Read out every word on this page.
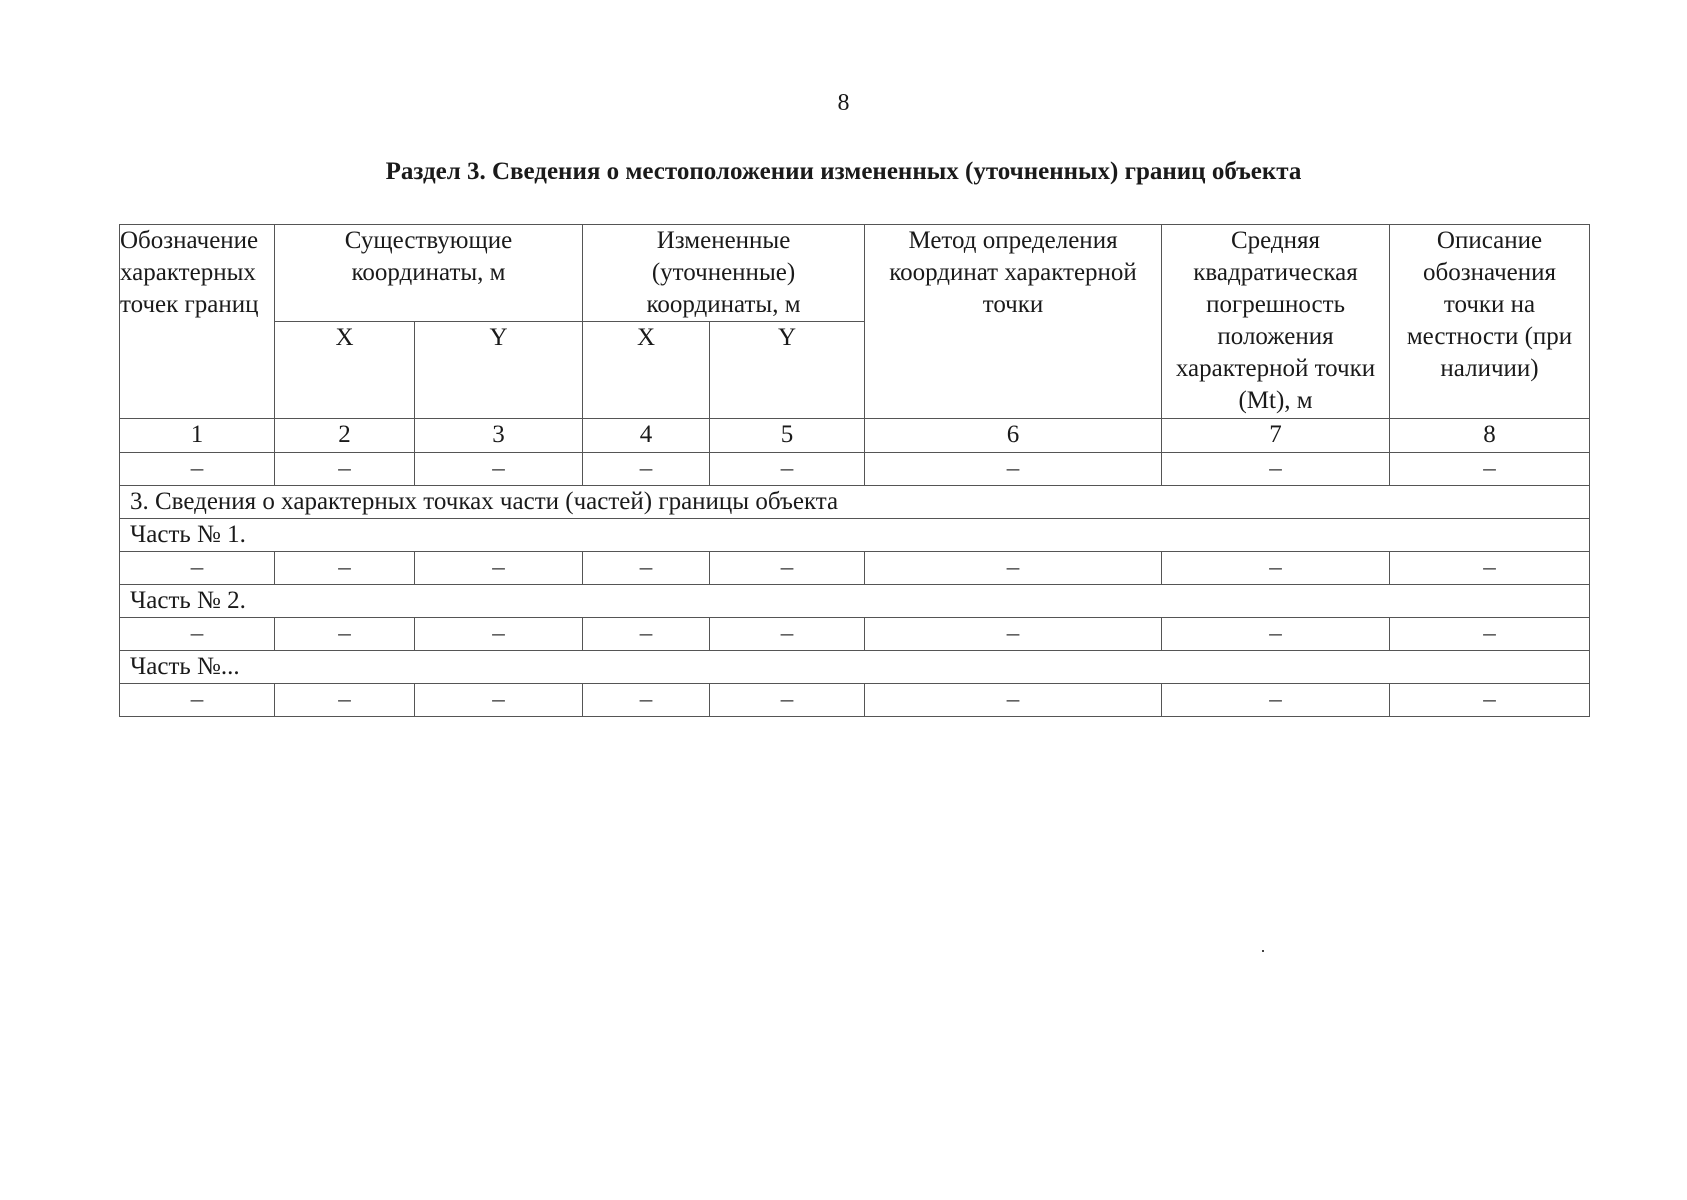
8
Раздел 3. Сведения о местоположении измененных (уточненных) границ объекта
Обозначение характерных точек границ	Существующие координаты, м		Измененные (уточненные) координаты, м		Метод определения координат характерной точки	Средняя квадратическая погрешность положения характерной точки (Mt), м	Описание обозначения точки на местности (при наличии)
	X	Y	X	Y			
1	2	3	4	5	6	7	8
–	–	–	–	–	–	–	–
3. Сведения о характерных точках части (частей) границы объекта							
Часть № 1.							
–	–	–	–	–	–	–	–
Часть № 2.							
–	–	–	–	–	–	–	–
Часть №...							
–	–	–	–	–	–	–	–
